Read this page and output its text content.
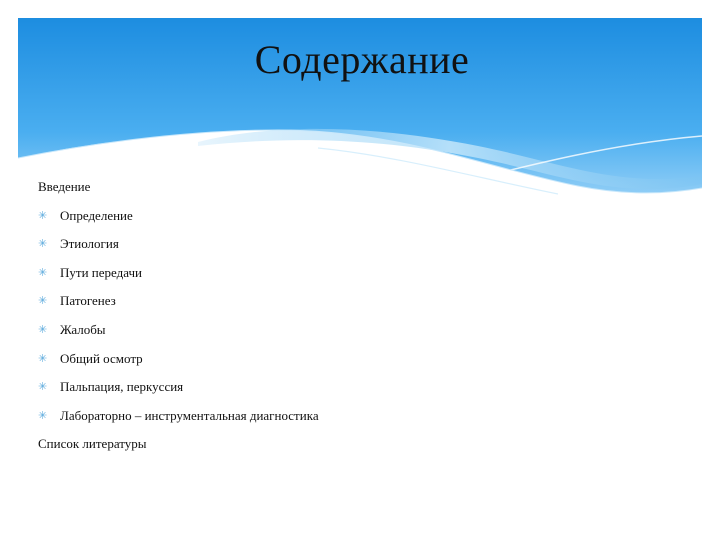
Содержание
Введение
✳ Определение
✳ Этиология
✳ Пути передачи
✳ Патогенез
✳ Жалобы
✳ Общий осмотр
✳ Пальпация, перкуссия
✳ Лабораторно – инструментальная диагностика
Список литературы
